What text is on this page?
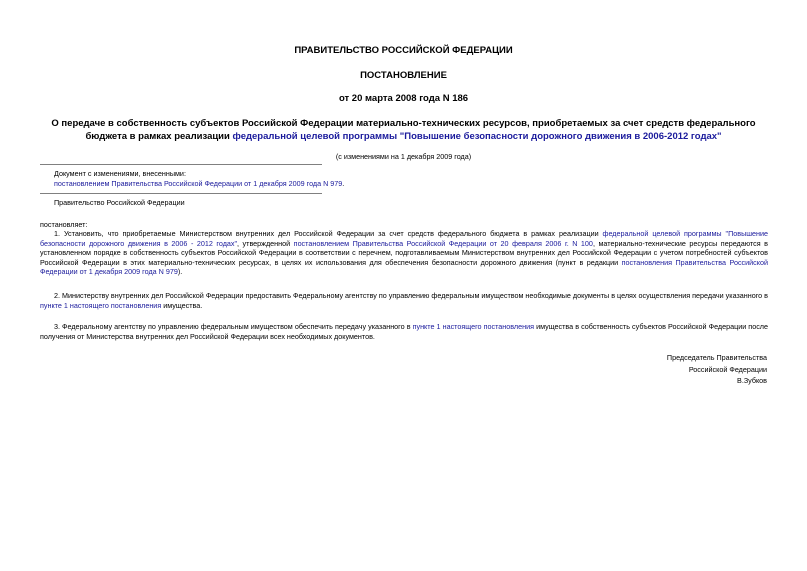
ПРАВИТЕЛЬСТВО РОССИЙСКОЙ ФЕДЕРАЦИИ
ПОСТАНОВЛЕНИЕ
от 20 марта 2008 года N 186
О передаче в собственность субъектов Российской Федерации материально-технических ресурсов, приобретаемых за счет средств федерального бюджета в рамках реализации федеральной целевой программы "Повышение безопасности дорожного движения в 2006-2012 годах"
(с изменениями на 1 декабря 2009 года)
Документ с изменениями, внесенными:
постановлением Правительства Российской Федерации от 1 декабря 2009 года N 979.
Правительство Российской Федерации
постановляет:
1. Установить, что приобретаемые Министерством внутренних дел Российской Федерации за счет средств федерального бюджета в рамках реализации федеральной целевой программы "Повышение безопасности дорожного движения в 2006 - 2012 годах", утвержденной постановлением Правительства Российской Федерации от 20 февраля 2006 г. N 100, материально-технические ресурсы передаются в установленном порядке в собственность субъектов Российской Федерации в соответствии с перечнем, подготавливаемым Министерством внутренних дел Российской Федерации с учетом потребностей субъектов Российской Федерации в этих материально-технических ресурсах, в целях их использования для обеспечения безопасности дорожного движения (пункт в редакции постановления Правительства Российской Федерации от 1 декабря 2009 года N 979).
2. Министерству внутренних дел Российской Федерации предоставить Федеральному агентству по управлению федеральным имуществом необходимые документы в целях осуществления передачи указанного в пункте 1 настоящего постановления имущества.
3. Федеральному агентству по управлению федеральным имуществом обеспечить передачу указанного в пункте 1 настоящего постановления имущества в собственность субъектов Российской Федерации после получения от Министерства внутренних дел Российской Федерации всех необходимых документов.
Председатель Правительства
Российской Федерации
В.Зубков
